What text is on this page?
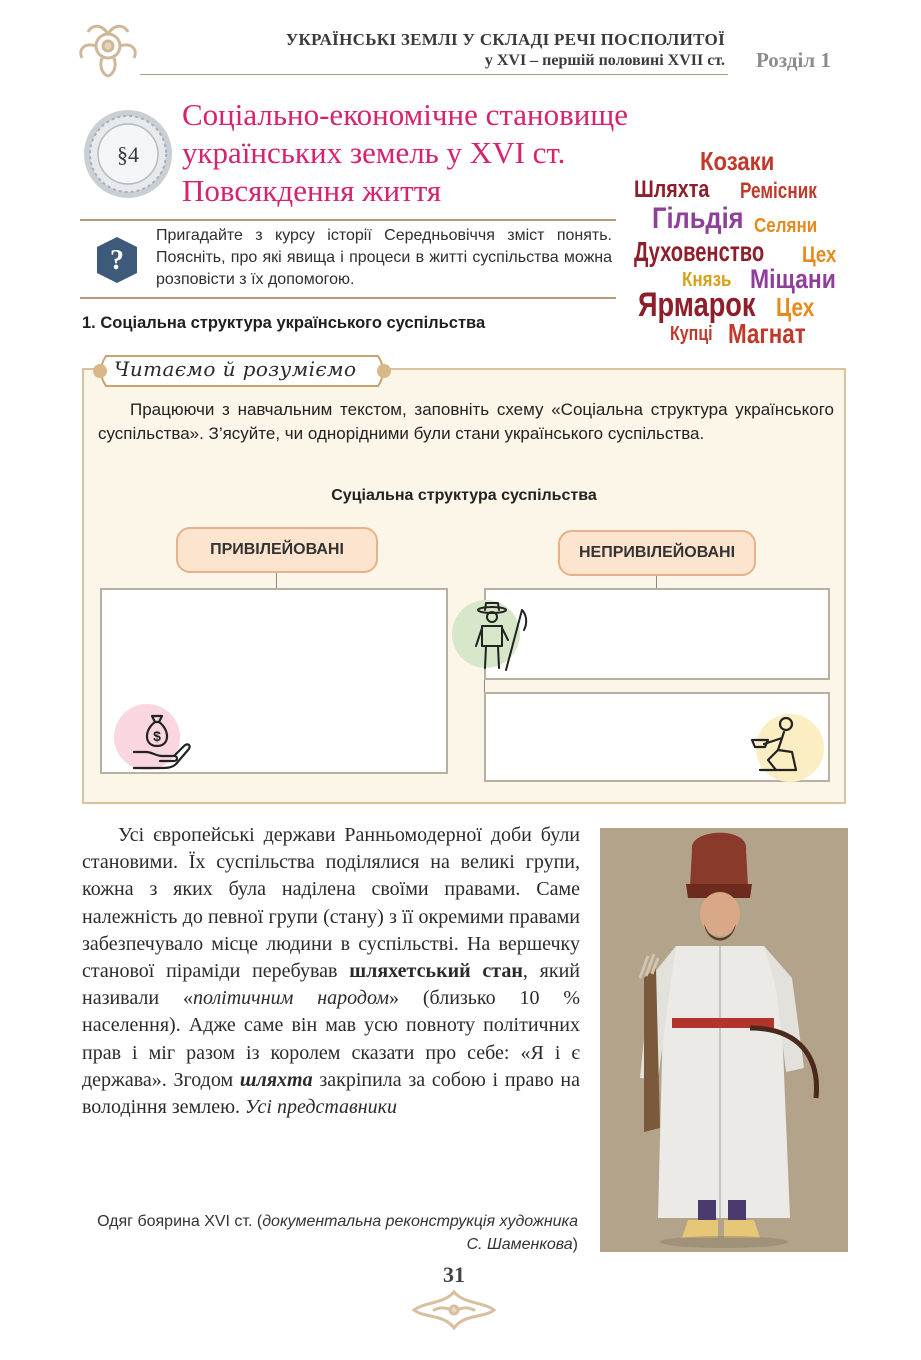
УКРАЇНСЬКІ ЗЕМЛІ У СКЛАДІ РЕЧІ ПОСПОЛИТОЇ
у XVI – першій половині XVII ст. Розділ 1
§4
Соціально-економічне становище
українських земель у XVI ст.
Повсякдення життя
Козаки
Шляхта Ремісник
Гільдія Селяни
Духовенство Цех
Князь Міщани
Ярмарок Цех
Купці Магнат
?
Пригадайте з курсу історії Середньовіччя зміст понять. Поясніть, про які явища і процеси в житті суспільства можна розповісти з їх допомогою.
1. Соціальна структура українського суспільства
Читаємо й розуміємо
Працюючи з навчальним текстом, заповніть схему «Соціальна структура українського суспільства». З’ясуйте, чи однорідними були стани українського суспільства.
Суціальна структура суспільства
ПРИВІЛЕЙОВАНІ	НЕПРИВІЛЕЙОВАНІ
$

Усі європейські держави Ранньомодерної доби були становими. Їх суспільства поділялися на великі групи, кожна з яких була наділена своїми правами. Саме належність до певної групи (стану) з її окремими правами забезпечувало місце людини в суспільстві. На вершечку станової піраміди перебував шляхетський стан, який називали «політичним народом» (близько 10 % населення). Адже саме він мав усю повноту політичних прав і міг разом із королем сказати про себе: «Я і є держава». Згодом шляхта закріпила за собою і право на володіння землею. Усі представники

Одяг боярина XVI ст. (документальна реконструкція художника С. Шаменкова)
31
